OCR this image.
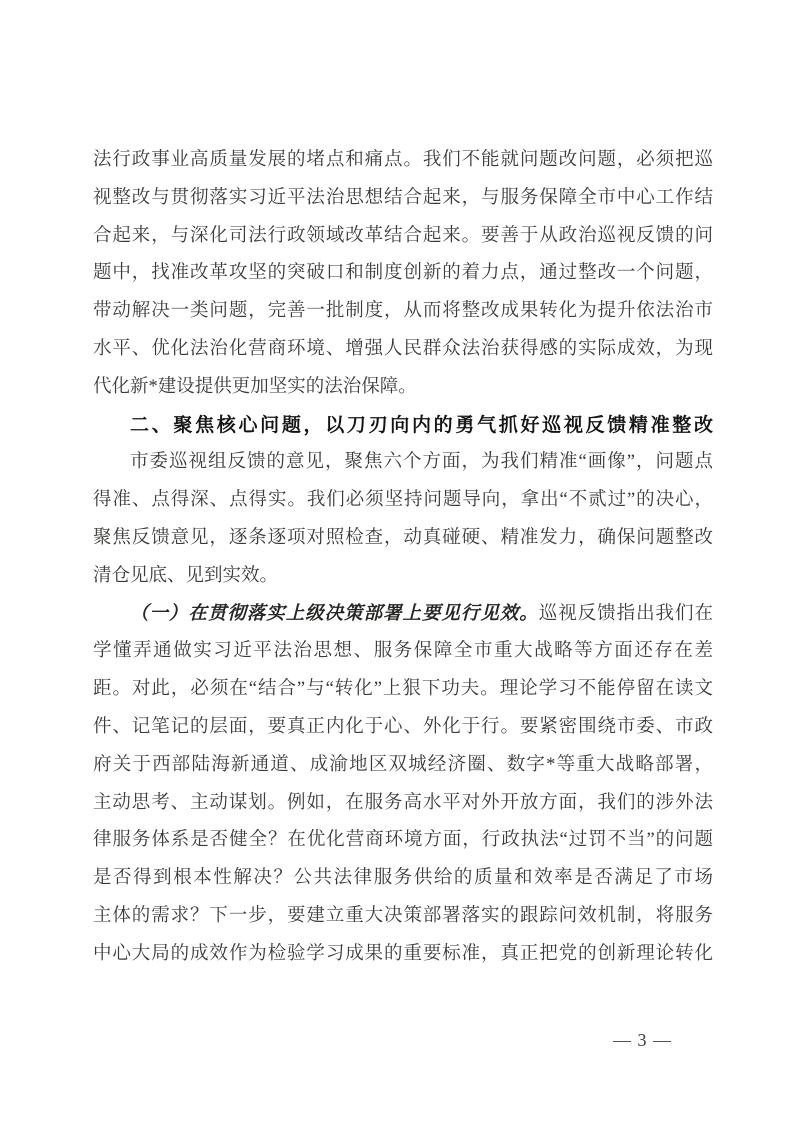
法行政事业高质量发展的堵点和痛点。我们不能就问题改问题，必须把巡
视整改与贯彻落实习近平法治思想结合起来，与服务保障全市中心工作结
合起来，与深化司法行政领域改革结合起来。要善于从政治巡视反馈的问
题中，找准改革攻坚的突破口和制度创新的着力点，通过整改一个问题，
带动解决一类问题，完善一批制度，从而将整改成果转化为提升依法治市
水平、优化法治化营商环境、增强人民群众法治获得感的实际成效，为现
代化新*建设提供更加坚实的法治保障。
二、聚焦核心问题，以刀刃向内的勇气抓好巡视反馈精准整改
市委巡视组反馈的意见，聚焦六个方面，为我们精准“画像”，问题点
得准、点得深、点得实。我们必须坚持问题导向，拿出“不贰过”的决心，
聚焦反馈意见，逐条逐项对照检查，动真碰硬、精准发力，确保问题整改
清仓见底、见到实效。
（一）在贯彻落实上级决策部署上要见行见效。巡视反馈指出我们在
学懂弄通做实习近平法治思想、服务保障全市重大战略等方面还存在差
距。对此，必须在“结合”与“转化”上狠下功夫。理论学习不能停留在读文
件、记笔记的层面，要真正内化于心、外化于行。要紧密围绕市委、市政
府关于西部陆海新通道、成渝地区双城经济圈、数字*等重大战略部署，
主动思考、主动谋划。例如，在服务高水平对外开放方面，我们的涉外法
律服务体系是否健全？在优化营商环境方面，行政执法“过罚不当”的问题
是否得到根本性解决？公共法律服务供给的质量和效率是否满足了市场
主体的需求？下一步，要建立重大决策部署落实的跟踪问效机制，将服务
中心大局的成效作为检验学习成果的重要标准，真正把党的创新理论转化
— 3 —
